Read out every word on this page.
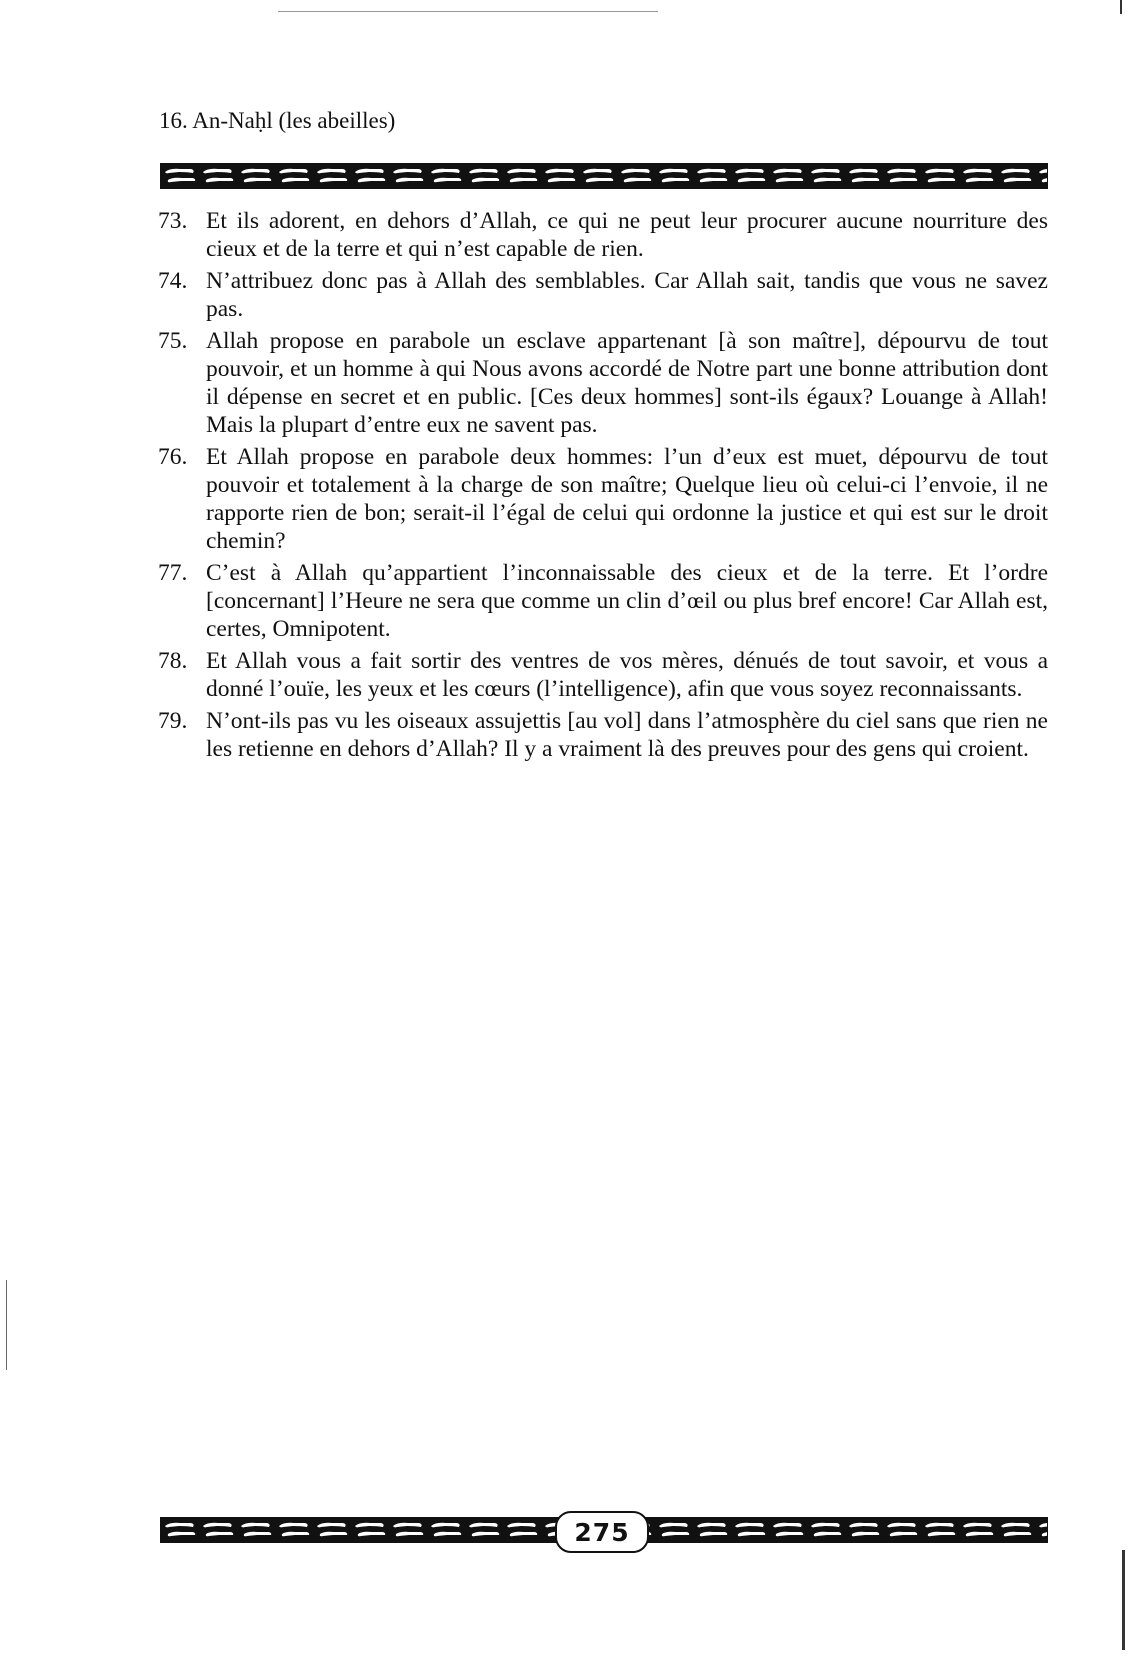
16. An-Naḥl (les abeilles)
73. Et ils adorent, en dehors d’Allah, ce qui ne peut leur procurer aucune nourriture des cieux et de la terre et qui n’est capable de rien.
74. N’attribuez donc pas à Allah des semblables. Car Allah sait, tandis que vous ne savez pas.
75. Allah propose en parabole un esclave appartenant [à son maître], dépourvu de tout pouvoir, et un homme à qui Nous avons accordé de Notre part une bonne attribution dont il dépense en secret et en public. [Ces deux hommes] sont-ils égaux? Louange à Allah! Mais la plupart d’entre eux ne savent pas.
76. Et Allah propose en parabole deux hommes: l’un d’eux est muet, dépourvu de tout pouvoir et totalement à la charge de son maître; Quelque lieu où celui-ci l’envoie, il ne rapporte rien de bon; serait-il l’égal de celui qui ordonne la justice et qui est sur le droit chemin?
77. C’est à Allah qu’appartient l’inconnaissable des cieux et de la terre. Et l’ordre [concernant] l’Heure ne sera que comme un clin d’œil ou plus bref encore! Car Allah est, certes, Omnipotent.
78. Et Allah vous a fait sortir des ventres de vos mères, dénués de tout savoir, et vous a donné l’ouïe, les yeux et les cœurs (l’intelligence), afin que vous soyez reconnaissants.
79. N’ont-ils pas vu les oiseaux assujettis [au vol] dans l’atmosphère du ciel sans que rien ne les retienne en dehors d’Allah? Il y a vraiment là des preuves pour des gens qui croient.
275
